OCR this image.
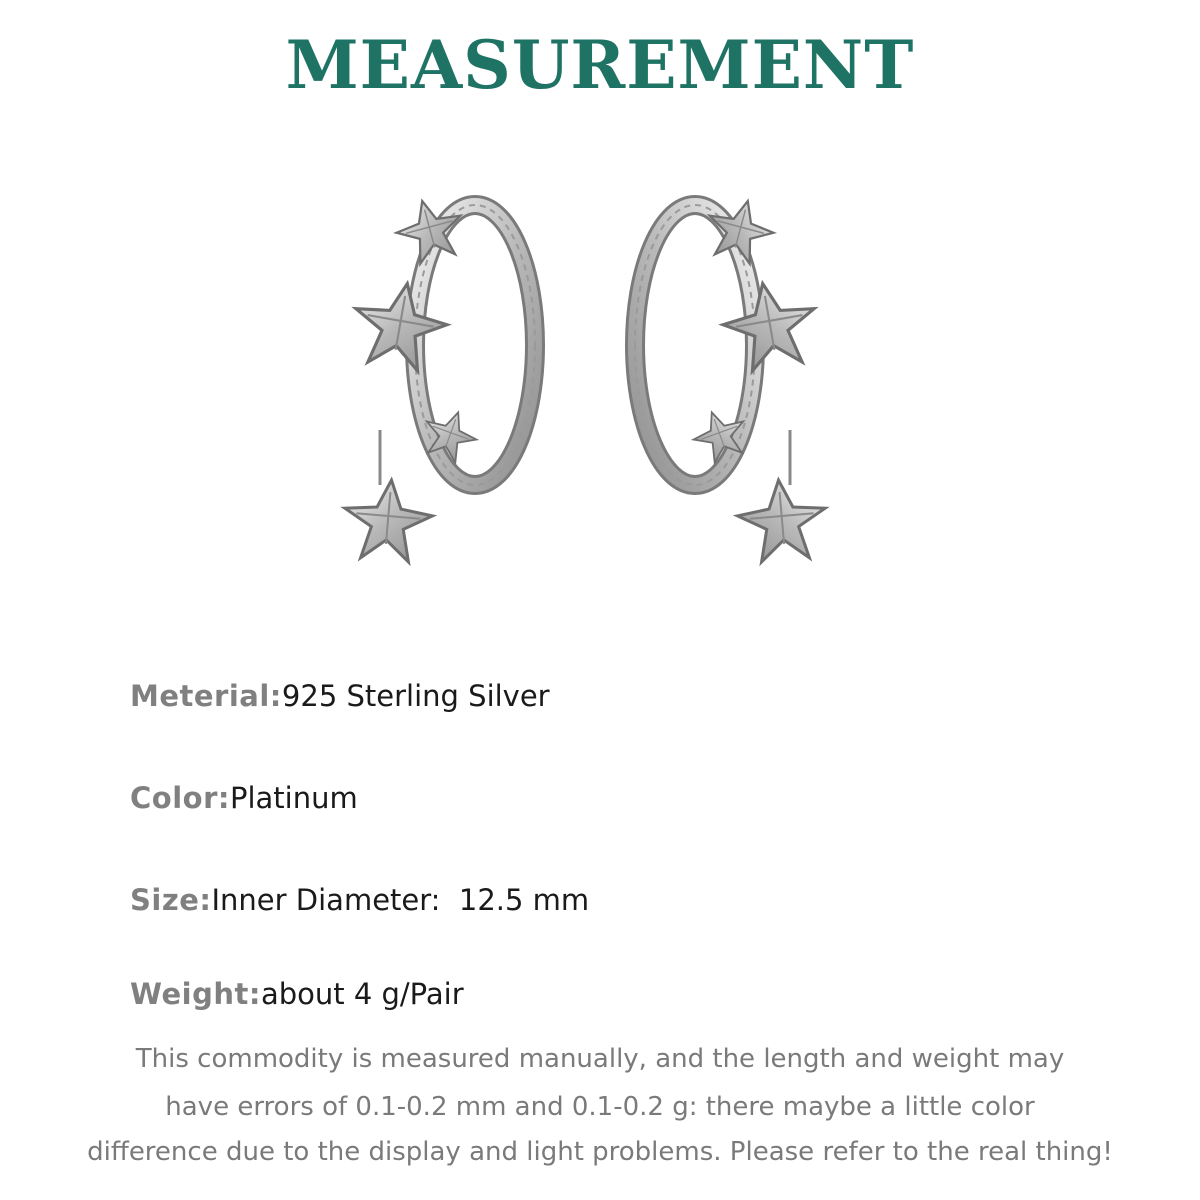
MEASUREMENT
Meterial: 925 Sterling Silver
Color: Platinum
Size: Inner Diameter:  12.5 mm
Weight: about 4 g/Pair
This commodity is measured manually, and the length and weight may
have errors of 0.1-0.2 mm and 0.1-0.2 g: there maybe a little color
difference due to the display and light problems. Please refer to the real thing!
